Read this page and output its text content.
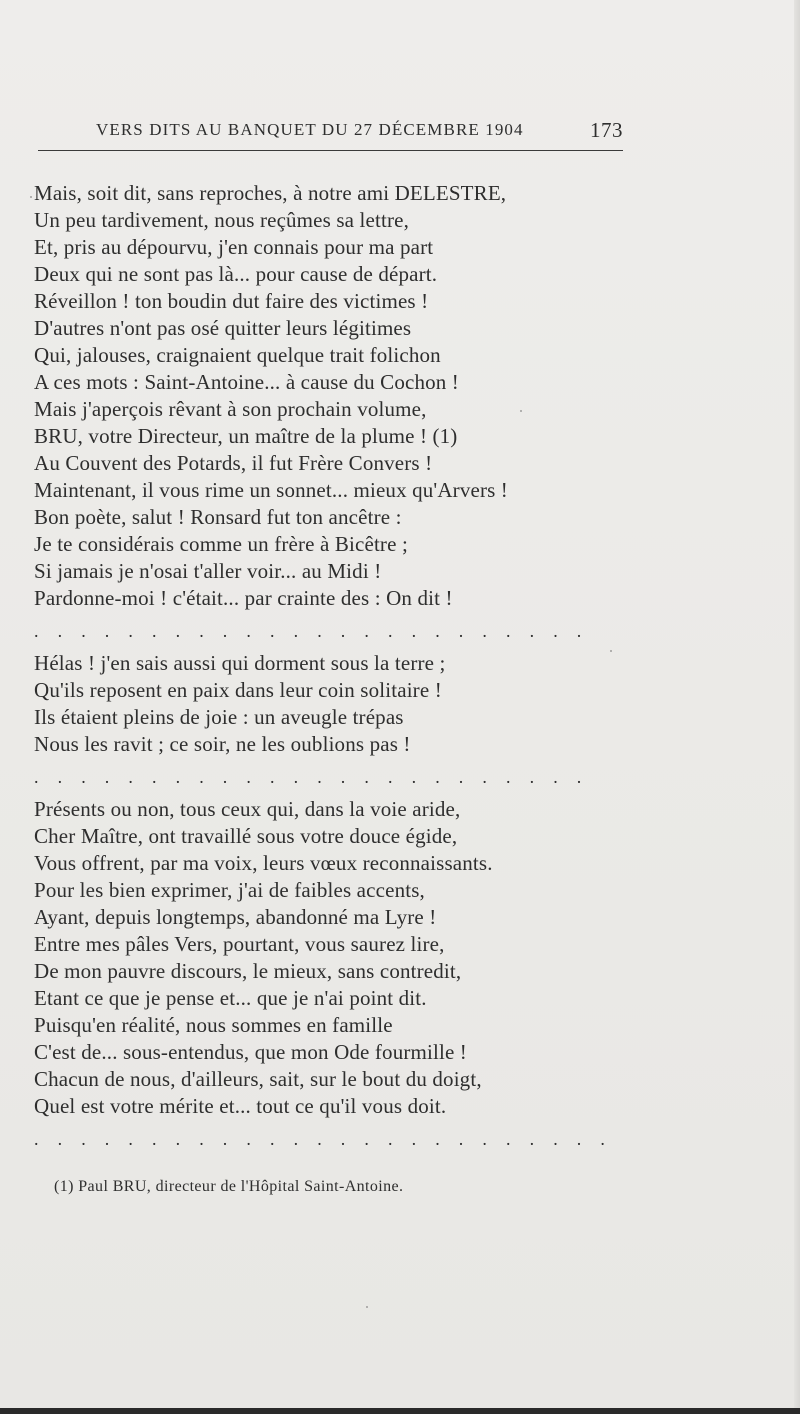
VERS DITS AU BANQUET DU 27 DÉCEMBRE 1904	173
Mais, soit dit, sans reproches, à notre ami DELESTRE,
Un peu tardivement, nous reçûmes sa lettre,
Et, pris au dépourvu, j'en connais pour ma part
Deux qui ne sont pas là... pour cause de départ.
Réveillon ! ton boudin dut faire des victimes !
D'autres n'ont pas osé quitter leurs légitimes
Qui, jalouses, craignaient quelque trait folichon
A ces mots : Saint-Antoine... à cause du Cochon !
Mais j'aperçois rêvant à son prochain volume,
BRU, votre Directeur, un maître de la plume ! (1)
Au Couvent des Potards, il fut Frère Convers !
Maintenant, il vous rime un sonnet... mieux qu'Arvers !
Bon poète, salut ! Ronsard fut ton ancêtre :
Je te considérais comme un frère à Bicêtre ;
Si jamais je n'osai t'aller voir... au Midi !
Pardonne-moi ! c'était... par crainte des : On dit !
. . . . . . . . . . . . . . . . . . . . . . . .
Hélas ! j'en sais aussi qui dorment sous la terre ;
Qu'ils reposent en paix dans leur coin solitaire !
Ils étaient pleins de joie : un aveugle trépas
Nous les ravit ; ce soir, ne les oublions pas !
. . . . . . . . . . . . . . . . . . . . . . . .
Présents ou non, tous ceux qui, dans la voie aride,
Cher Maître, ont travaillé sous votre douce égide,
Vous offrent, par ma voix, leurs vœux reconnaissants.
Pour les bien exprimer, j'ai de faibles accents,
Ayant, depuis longtemps, abandonné ma Lyre !
Entre mes pâles Vers, pourtant, vous saurez lire,
De mon pauvre discours, le mieux, sans contredit,
Etant ce que je pense et... que je n'ai point dit.
Puisqu'en réalité, nous sommes en famille
C'est de... sous-entendus, que mon Ode fourmille !
Chacun de nous, d'ailleurs, sait, sur le bout du doigt,
Quel est votre mérite et... tout ce qu'il vous doit.
. . . . . . . . . . . . . . . . . . . . . . . . .
(1) Paul BRU, directeur de l'Hôpital Saint-Antoine.
